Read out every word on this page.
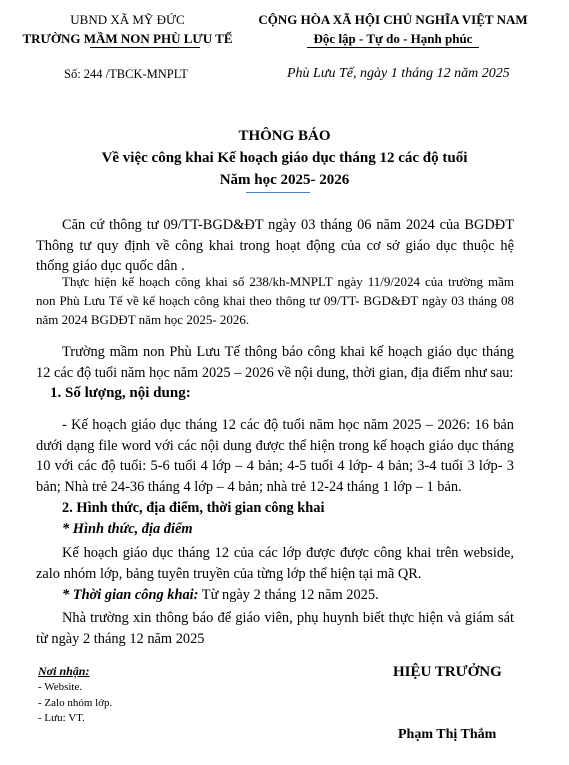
UBND XÃ MỸ ĐỨC
TRƯỜNG MẦM NON PHÙ LƯU TẾ
CỘNG HÒA XÃ HỘI CHỦ NGHĨA VIỆT NAM
Độc lập - Tự do - Hạnh phúc
Số: 244 /TBCK-MNPLT	Phù Lưu Tế, ngày 1 tháng 12 năm 2025
THÔNG BÁO
Về việc công khai Kế hoạch giáo dục tháng 12 các độ tuổi
Năm học 2025- 2026
Căn cứ thông tư 09/TT-BGD&ĐT ngày 03 tháng 06 năm 2024 của BGDĐT Thông tư quy định về công khai trong hoạt động của cơ sở giáo dục thuộc hệ thống giáo dục quốc dân .
Thực hiện kế hoạch công khai số 238/kh-MNPLT ngày 11/9/2024 của trường mầm non Phù Lưu Tế về kế hoạch công khai theo thông tư 09/TT- BGD&ĐT ngày 03 tháng 08 năm 2024 BGDĐT năm học 2025- 2026.
Trường mầm non Phù Lưu Tế thông báo công khai kế hoạch giáo dục tháng 12 các độ tuổi năm học năm 2025 – 2026 về nội dung, thời gian, địa điểm như sau:
1. Số lượng, nội dung:
- Kế hoạch giáo dục tháng 12 các độ tuổi năm học năm 2025 – 2026: 16 bản dưới dạng file word với các nội dung được thể hiện trong kế hoạch giáo dục tháng 10 với các độ tuổi: 5-6 tuổi 4 lớp – 4 bản; 4-5 tuổi 4 lớp- 4 bản; 3-4 tuổi 3 lớp- 3 bản; Nhà trẻ 24-36 tháng 4 lớp – 4 bản; nhà trẻ 12-24 tháng 1 lớp – 1 bản.
2. Hình thức, địa điểm, thời gian công khai
* Hình thức, địa điểm
Kế hoạch giáo dục tháng 12 của các lớp được được công khai trên webside, zalo nhóm lớp, bảng tuyên truyền của từng lớp thể hiện tại mã QR.
* Thời gian công khai: Từ ngày 2 tháng 12 năm 2025.
Nhà trường xin thông báo để giáo viên, phụ huynh biết thực hiện và giám sát từ ngày 2 tháng 12 năm 2025
Nơi nhận:
- Website.
- Zalo nhóm lớp.
- Lưu: VT.
HIỆU TRƯỞNG
Phạm Thị Thắm
